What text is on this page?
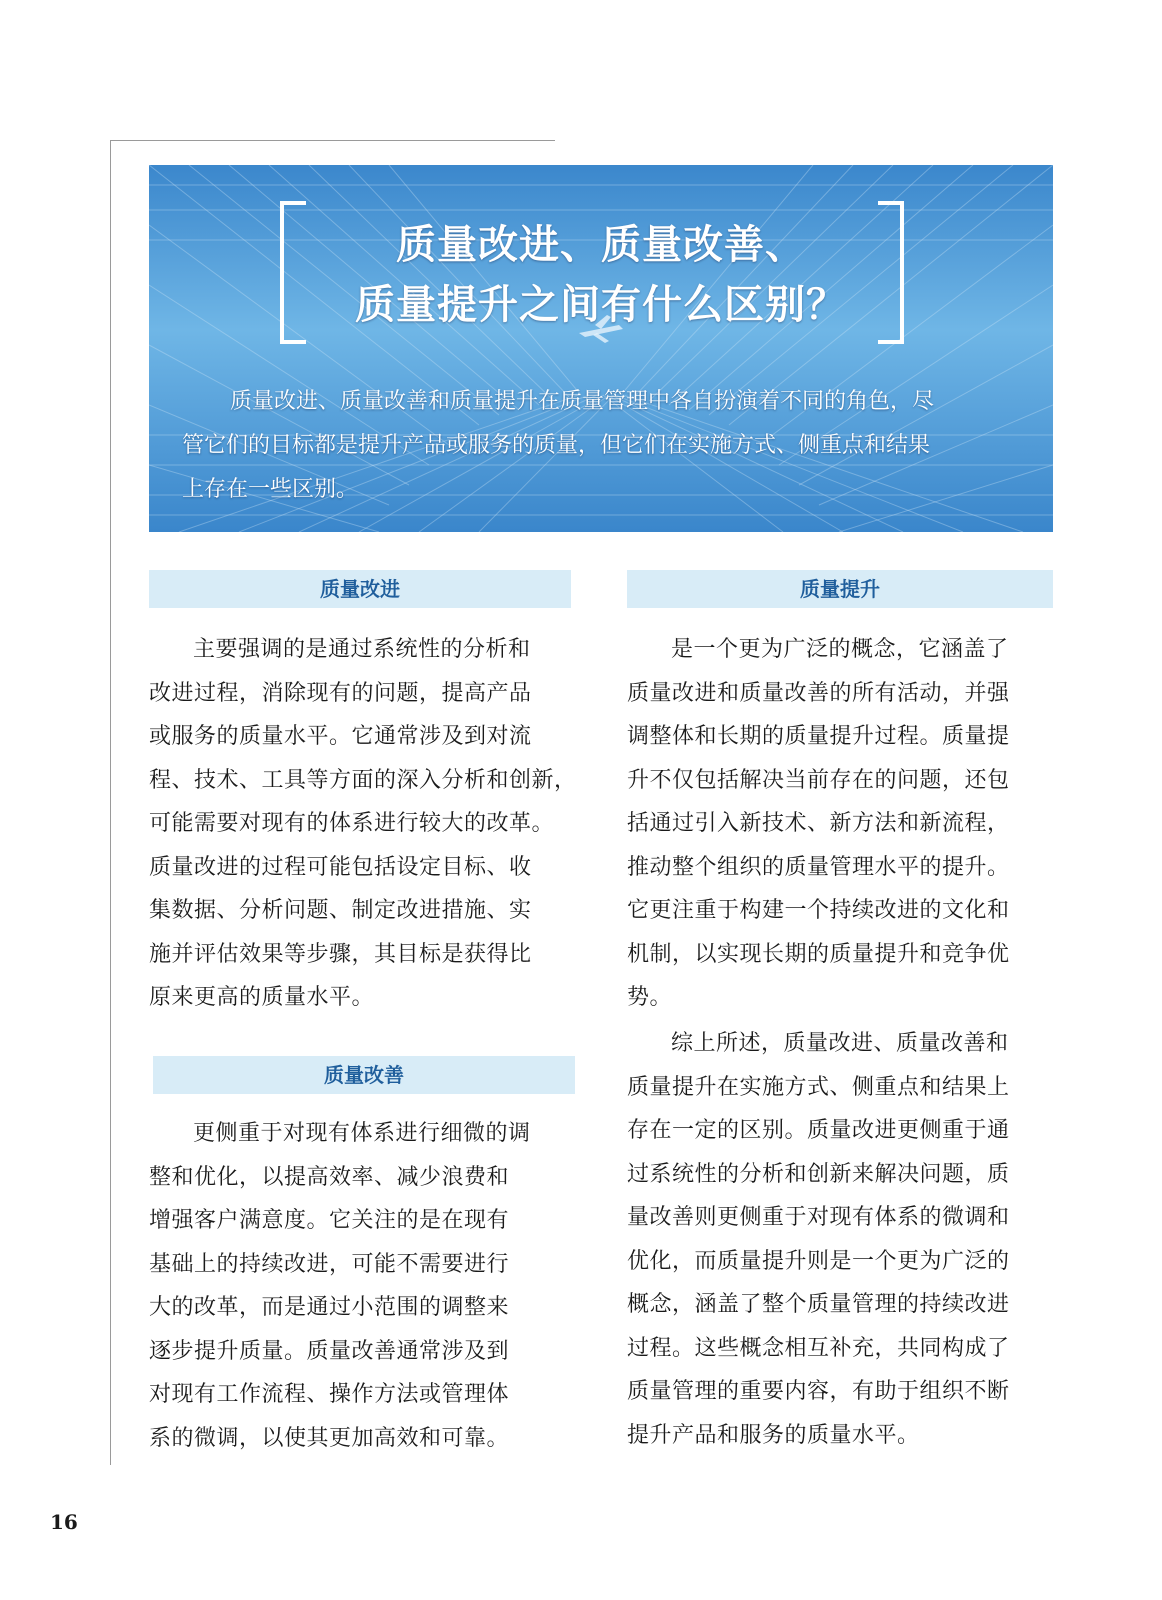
质量改进、质量改善、
质量提升之间有什么区别？
质量改进、质量改善和质量提升在质量管理中各自扮演着不同的角色，尽
管它们的目标都是提升产品或服务的质量，但它们在实施方式、侧重点和结果
上存在一些区别。
质量改进
主要强调的是通过系统性的分析和
改进过程，消除现有的问题，提高产品
或服务的质量水平。它通常涉及到对流
程、技术、工具等方面的深入分析和创新，
可能需要对现有的体系进行较大的改革。
质量改进的过程可能包括设定目标、收
集数据、分析问题、制定改进措施、实
施并评估效果等步骤，其目标是获得比
原来更高的质量水平。
质量改善
更侧重于对现有体系进行细微的调
整和优化，以提高效率、减少浪费和
增强客户满意度。它关注的是在现有
基础上的持续改进，可能不需要进行
大的改革，而是通过小范围的调整来
逐步提升质量。质量改善通常涉及到
对现有工作流程、操作方法或管理体
系的微调，以使其更加高效和可靠。
质量提升
是一个更为广泛的概念，它涵盖了
质量改进和质量改善的所有活动，并强
调整体和长期的质量提升过程。质量提
升不仅包括解决当前存在的问题，还包
括通过引入新技术、新方法和新流程，
推动整个组织的质量管理水平的提升。
它更注重于构建一个持续改进的文化和
机制，以实现长期的质量提升和竞争优
势。
综上所述，质量改进、质量改善和
质量提升在实施方式、侧重点和结果上
存在一定的区别。质量改进更侧重于通
过系统性的分析和创新来解决问题，质
量改善则更侧重于对现有体系的微调和
优化，而质量提升则是一个更为广泛的
概念，涵盖了整个质量管理的持续改进
过程。这些概念相互补充，共同构成了
质量管理的重要内容，有助于组织不断
提升产品和服务的质量水平。
16
